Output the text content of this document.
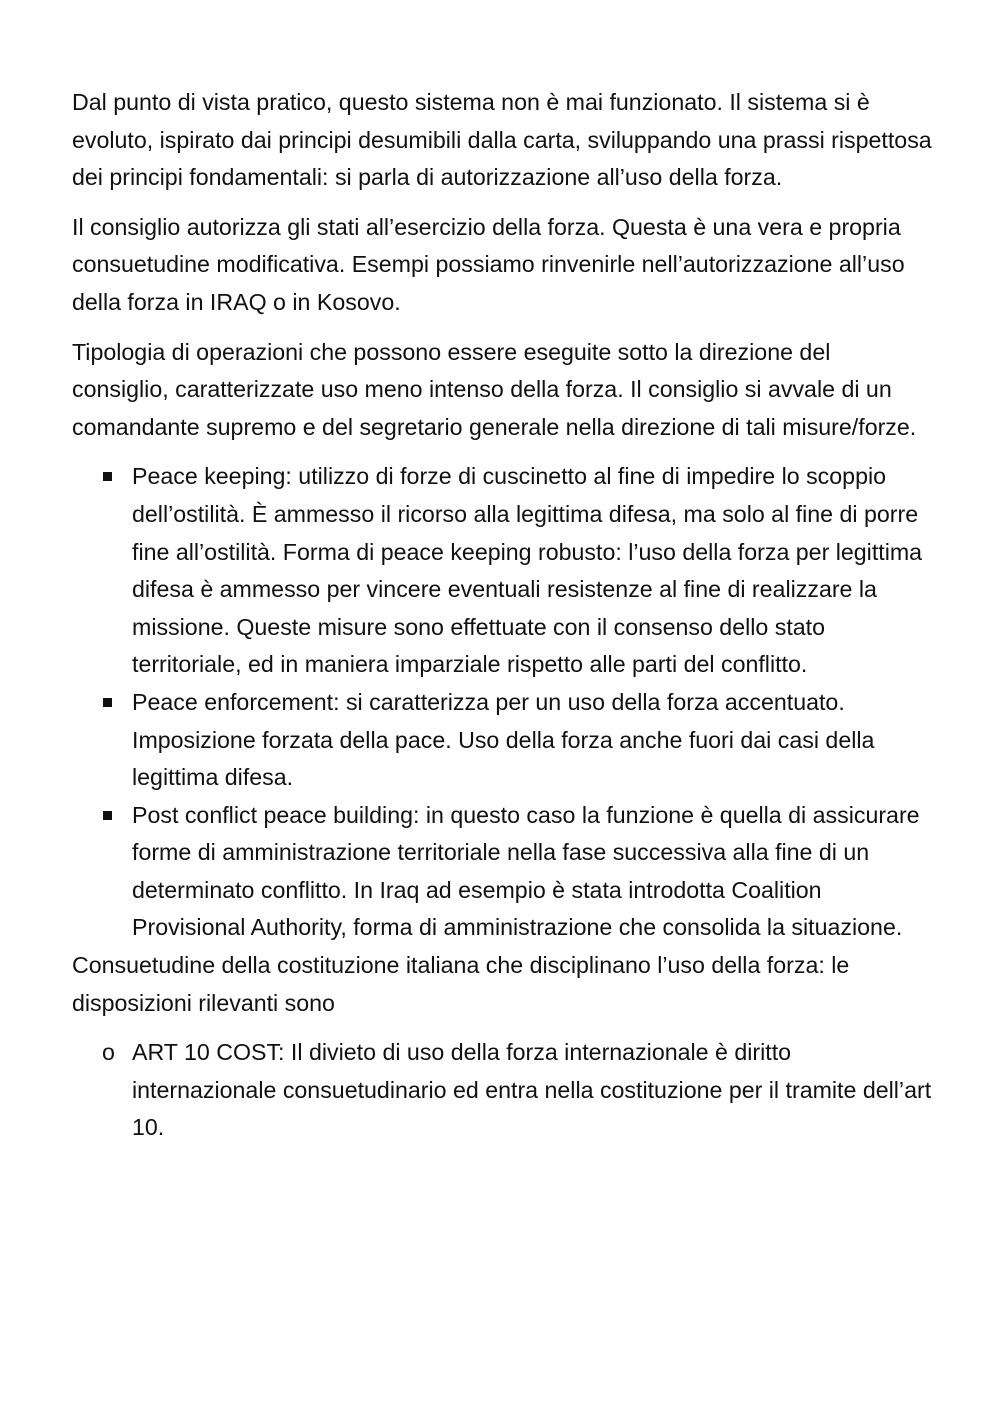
Dal punto di vista pratico, questo sistema non è mai funzionato. Il sistema si è evoluto, ispirato dai principi desumibili dalla carta, sviluppando una prassi rispettosa dei principi fondamentali: si parla di autorizzazione all’uso della forza.

Il consiglio autorizza gli stati all’esercizio della forza. Questa è una vera e propria consuetudine modificativa. Esempi possiamo rinvenirle nell’autorizzazione all’uso della forza in IRAQ o in Kosovo.

Tipologia di operazioni che possono essere eseguite sotto la direzione del consiglio, caratterizzate uso meno intenso della forza. Il consiglio si avvale di un comandante supremo e del segretario generale nella direzione di tali misure/forze.

Peace keeping: utilizzo di forze di cuscinetto al fine di impedire lo scoppio dell’ostilità. È ammesso il ricorso alla legittima difesa, ma solo al fine di porre fine all’ostilità. Forma di peace keeping robusto: l’uso della forza per legittima difesa è ammesso per vincere eventuali resistenze al fine di realizzare la missione. Queste misure sono effettuate con il consenso dello stato territoriale, ed in maniera imparziale rispetto alle parti del conflitto.
Peace enforcement: si caratterizza per un uso della forza accentuato. Imposizione forzata della pace. Uso della forza anche fuori dai casi della legittima difesa.
Post conflict peace building: in questo caso la funzione è quella di assicurare forme di amministrazione territoriale nella fase successiva alla fine di un determinato conflitto. In Iraq ad esempio è stata introdotta Coalition Provisional Authority, forma di amministrazione che consolida la situazione.

Consuetudine della costituzione italiana che disciplinano l’uso della forza: le disposizioni rilevanti sono

o ART 10 COST: Il divieto di uso della forza internazionale è diritto internazionale consuetudinario ed entra nella costituzione per il tramite dell’art 10.
